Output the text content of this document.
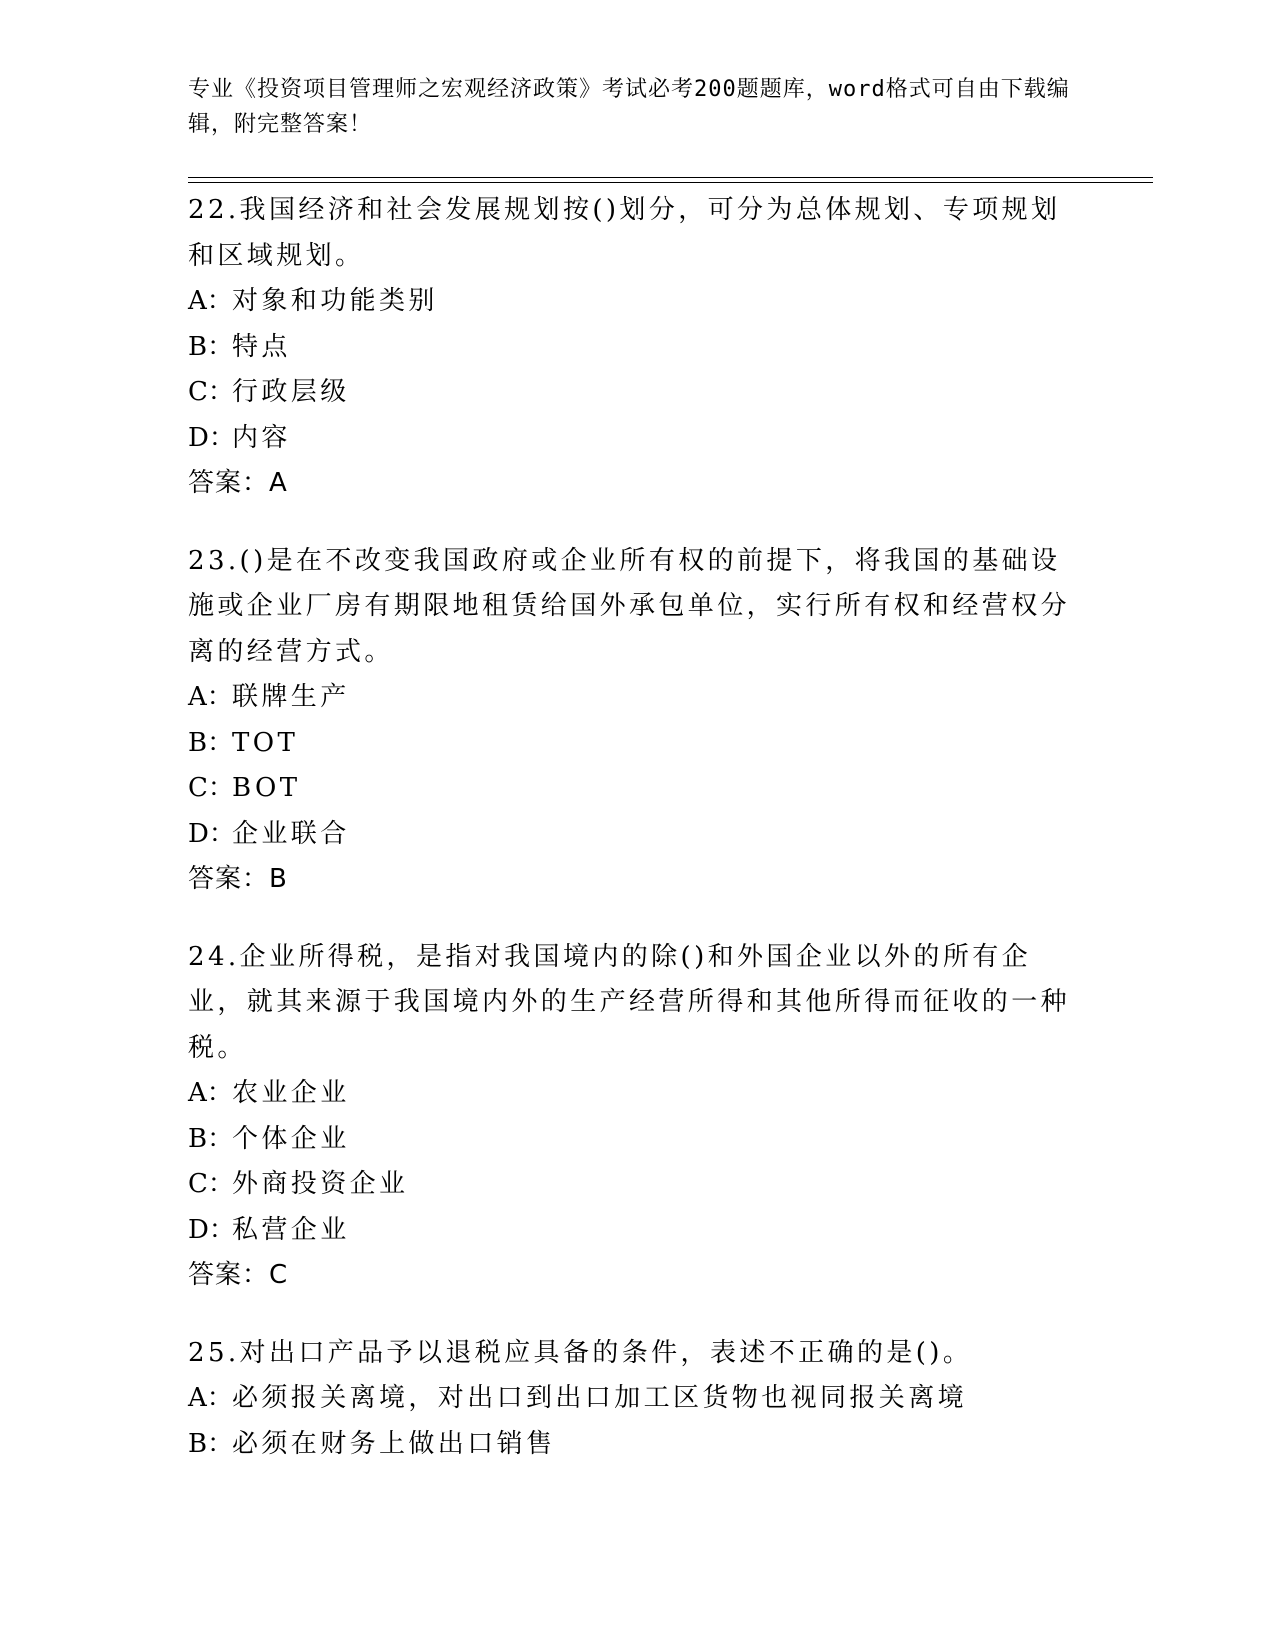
专业《投资项目管理师之宏观经济政策》考试必考200题题库，word格式可自由下载编辑，附完整答案！

22.我国经济和社会发展规划按()划分，可分为总体规划、专项规划和区域规划。

A：对象和功能类别

B：特点

C：行政层级

D：内容

答案：A

23.()是在不改变我国政府或企业所有权的前提下，将我国的基础设施或企业厂房有期限地租赁给国外承包单位，实行所有权和经营权分离的经营方式。

A：联牌生产

B：TOT

C：BOT

D：企业联合

答案：B

24.企业所得税，是指对我国境内的除()和外国企业以外的所有企业，就其来源于我国境内外的生产经营所得和其他所得而征收的一种税。

A：农业企业

B：个体企业

C：外商投资企业

D：私营企业

答案：C

25.对出口产品予以退税应具备的条件，表述不正确的是()。

A：必须报关离境，对出口到出口加工区货物也视同报关离境

B：必须在财务上做出口销售
